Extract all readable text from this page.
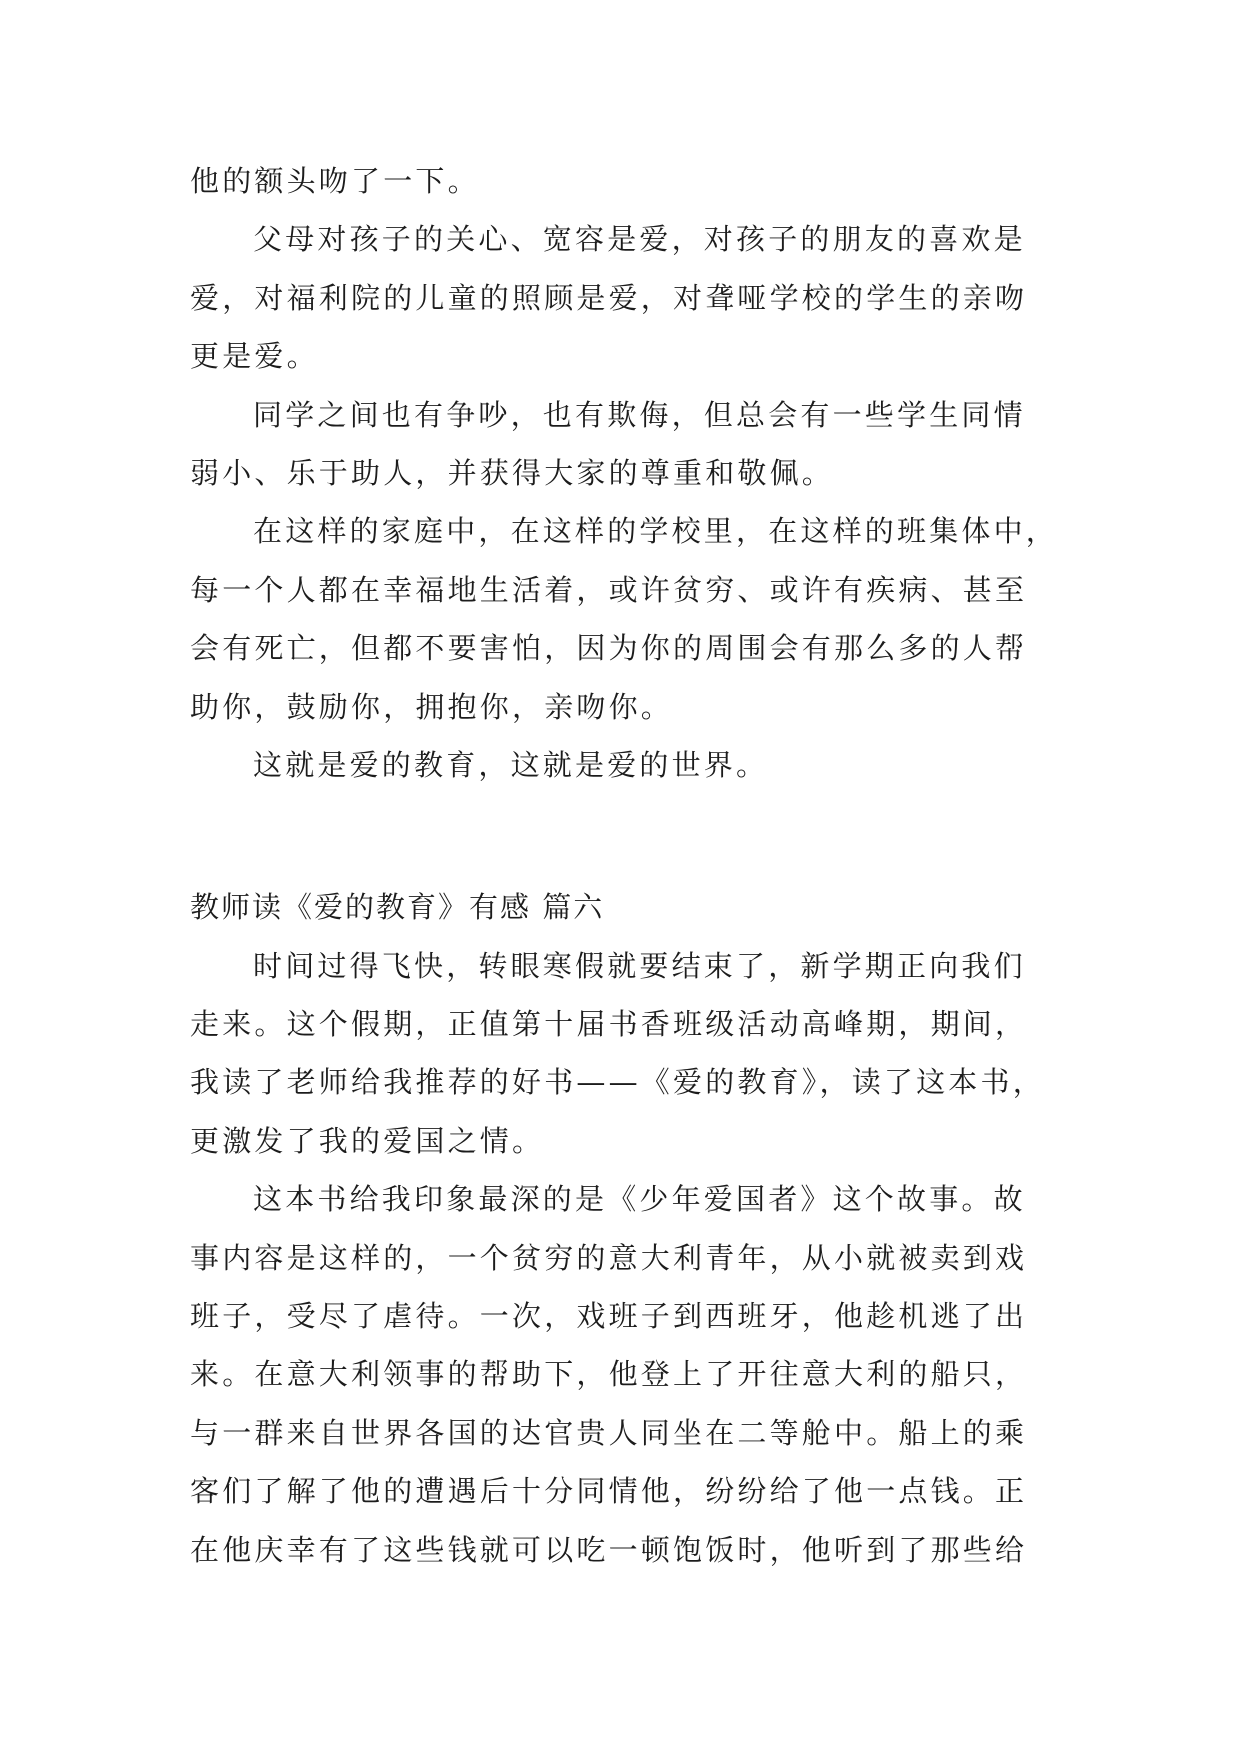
他的额头吻了一下。
父母对孩子的关心、宽容是爱，对孩子的朋友的喜欢是
爱，对福利院的儿童的照顾是爱，对聋哑学校的学生的亲吻
更是爱。
同学之间也有争吵，也有欺侮，但总会有一些学生同情
弱小、乐于助人，并获得大家的尊重和敬佩。
在这样的家庭中，在这样的学校里，在这样的班集体中，
每一个人都在幸福地生活着，或许贫穷、或许有疾病、甚至
会有死亡，但都不要害怕，因为你的周围会有那么多的人帮
助你，鼓励你，拥抱你，亲吻你。
这就是爱的教育，这就是爱的世界。
教师读《爱的教育》有感 篇六
时间过得飞快，转眼寒假就要结束了，新学期正向我们
走来。这个假期，正值第十届书香班级活动高峰期，期间，
我读了老师给我推荐的好书——《爱的教育》，读了这本书，
更激发了我的爱国之情。
这本书给我印象最深的是《少年爱国者》这个故事。故
事内容是这样的，一个贫穷的意大利青年，从小就被卖到戏
班子，受尽了虐待。一次，戏班子到西班牙，他趁机逃了出
来。在意大利领事的帮助下，他登上了开往意大利的船只，
与一群来自世界各国的达官贵人同坐在二等舱中。船上的乘
客们了解了他的遭遇后十分同情他，纷纷给了他一点钱。正
在他庆幸有了这些钱就可以吃一顿饱饭时，他听到了那些给
